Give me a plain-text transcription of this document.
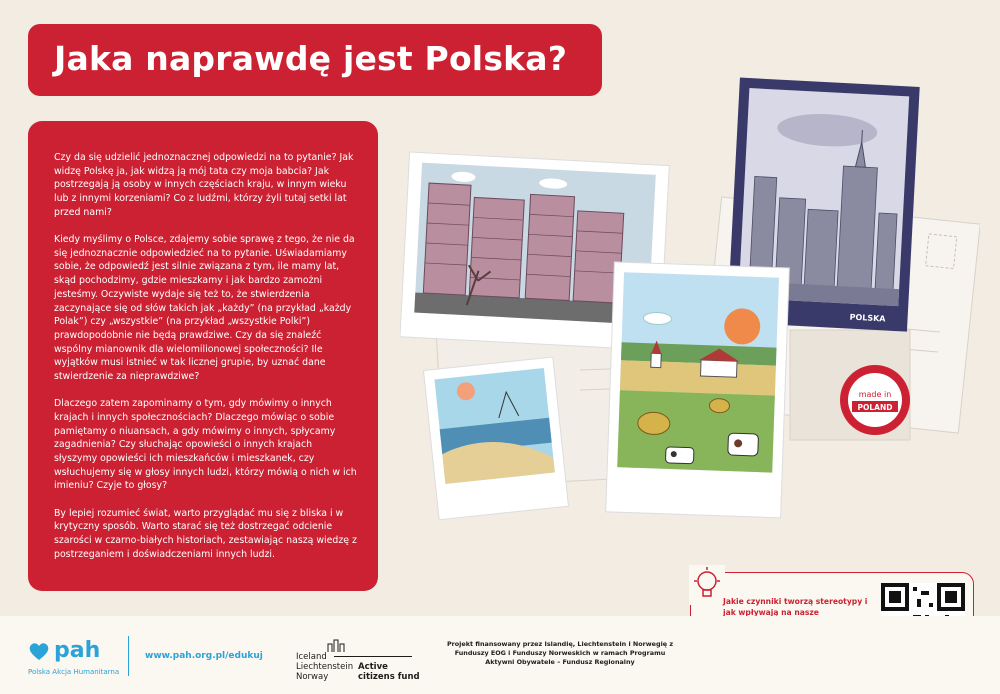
Jaka naprawdę jest Polska?

Czy da się udzielić jednoznacznej odpowiedzi na to pytanie? Jak widzę Polskę ja, jak widzą ją mój tata czy moja babcia? Jak postrzegają ją osoby w innych częściach kraju, w innym wieku lub z innymi korzeniami? Co z ludźmi, którzy żyli tutaj setki lat przed nami?

Kiedy myślimy o Polsce, zdajemy sobie sprawę z tego, że nie da się jednoznacznie odpowiedzieć na to pytanie. Uświadamiamy sobie, że odpowiedź jest silnie związana z tym, ile mamy lat, skąd pochodzimy, gdzie mieszkamy i jak bardzo zamożni jesteśmy. Oczywiste wydaje się też to, że stwierdzenia zaczynające się od słów takich jak „każdy” (na przykład „każdy Polak”) czy „wszystkie” (na przykład „wszystkie Polki”) prawdopodobnie nie będą prawdziwe. Czy da się znaleźć wspólny mianownik dla wielomilionowej społeczności? Ile wyjątków musi istnieć w tak licznej grupie, by uznać dane stwierdzenie za nieprawdziwe?

Dlaczego zatem zapominamy o tym, gdy mówimy o innych krajach i innych społecznościach? Dlaczego mówiąc o sobie pamiętamy o niuansach, a gdy mówimy o innych, spłycamy zagadnienia? Czy słuchając opowieści o innych krajach słyszymy opowieści ich mieszkańców i mieszkanek, czy wsłuchujemy się w głosy innych ludzi, którzy mówią o nich w ich imieniu? Czyje to głosy?

By lepiej rozumieć świat, warto przyglądać mu się z bliska i w krytyczny sposób. Warto starać się też dostrzegać odcienie szarości w czarno-białych historiach, zestawiając naszą wiedzę z postrzeganiem i doświadczeniami innych ludzi.

POLSKA
made in
POLAND
Jakie czynniki tworzą stereotypy i jak wpływają na nasze
pah
Polska Akcja Humanitarna
www.pah.org.pl/edukuj	Iceland
Liechtenstein
Norway
Active
citizens fund
Projekt finansowany przez Islandię, Liechtenstein i Norwegię z Funduszy EOG i Funduszy Norweskich w ramach Programu Aktywni Obywatele – Fundusz Regionalny
